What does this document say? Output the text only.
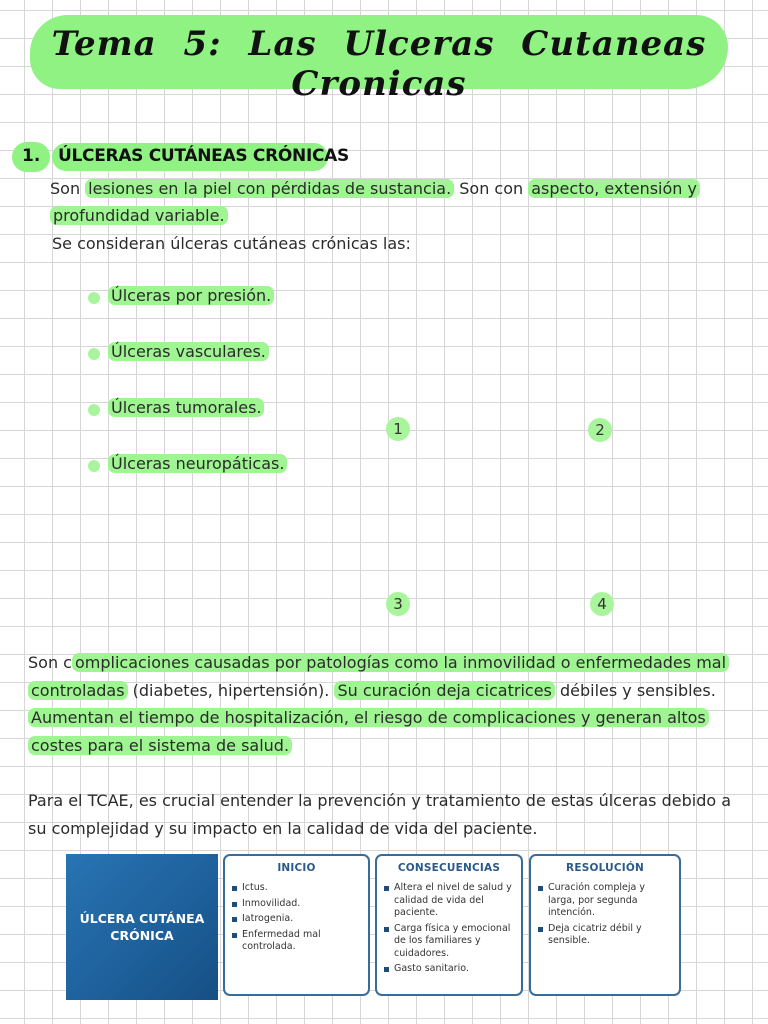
Tema 5: Las Ulceras Cutaneas Cronicas
1. ÚLCERAS CUTÁNEAS CRÓNICAS
Son lesiones en la piel con pérdidas de sustancia. Son con aspecto, extensión y profundidad variable.
Se consideran úlceras cutáneas crónicas las:
Úlceras por presión.
Úlceras vasculares.
Úlceras tumorales.
Úlceras neuropáticas.
1	2
3	4
Son c omplicaciones causadas por patologías como la inmovilidad o enfermedades mal controladas (diabetes, hipertensión). Su curación deja cicatrices débiles y sensibles. Aumentan el tiempo de hospitalización, el riesgo de complicaciones y generan altos costes para el sistema de salud.
Para el TCAE, es crucial entender la prevención y tratamiento de estas úlceras debido a su complejidad y su impacto en la calidad de vida del paciente.
ÚLCERA CUTÁNEA CRÓNICA
INICIO
Ictus.
Inmovilidad.
Iatrogenia.
Enfermedad mal controlada.
CONSECUENCIAS
Altera el nivel de salud y calidad de vida del paciente.
Carga física y emocional de los familiares y cuidadores.
Gasto sanitario.
RESOLUCIÓN
Curación compleja y larga, por segunda intención.
Deja cicatriz débil y sensible.
